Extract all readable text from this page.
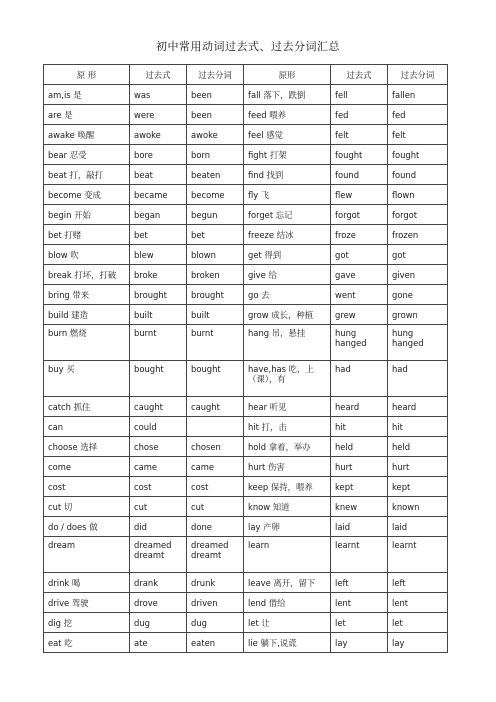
初中常用动词过去式、过去分词汇总
原 形	过去式	过去分词	原形	过去式	过去分词
am,is 是	was	been	fall 落下，跌倒	fell	fallen
are 是	were	been	feed 喂养	fed	fed
awake 唤醒	awoke	awoke	feel 感觉	felt	felt
bear 忍受	bore	born	fight 打架	fought	fought
beat 打，敲打	beat	beaten	find 找到	found	found
become 变成	became	become	fly 飞	flew	flown
begin 开始	began	begun	forget 忘记	forgot	forgot
bet 打赌	bet	bet	freeze 结冰	froze	frozen
blow 吹	blew	blown	get 得到	got	got
break 打坏，打破	broke	broken	give 给	gave	given
bring 带来	brought	brought	go 去	went	gone
build 建造	built	built	grow 成长，种植	grew	grown
burn 燃烧	burnt	burnt	hang 吊，悬挂	hung hanged	hung hanged
buy 买	bought	bought	have,has 吃，上（课），有	had	had
catch 抓住	caught	caught	hear 听见	heard	heard
can	could		hit 打，击	hit	hit
choose 选择	chose	chosen	hold 拿着，举办	held	held
come	came	came	hurt 伤害	hurt	hurt
cost	cost	cost	keep 保持，喂养	kept	kept
cut 切	cut	cut	know 知道	knew	known
do / does 做	did	done	lay 产卵	laid	laid
dream	dreamed dreamt	dreamed dreamt	learn	learnt	learnt
drink 喝	drank	drunk	leave 离开，留下	left	left
drive 驾驶	drove	driven	lend 借给	lent	lent
dig 挖	dug	dug	let 让	let	let
eat 吃	ate	eaten	lie 躺下,说谎	lay	lay
